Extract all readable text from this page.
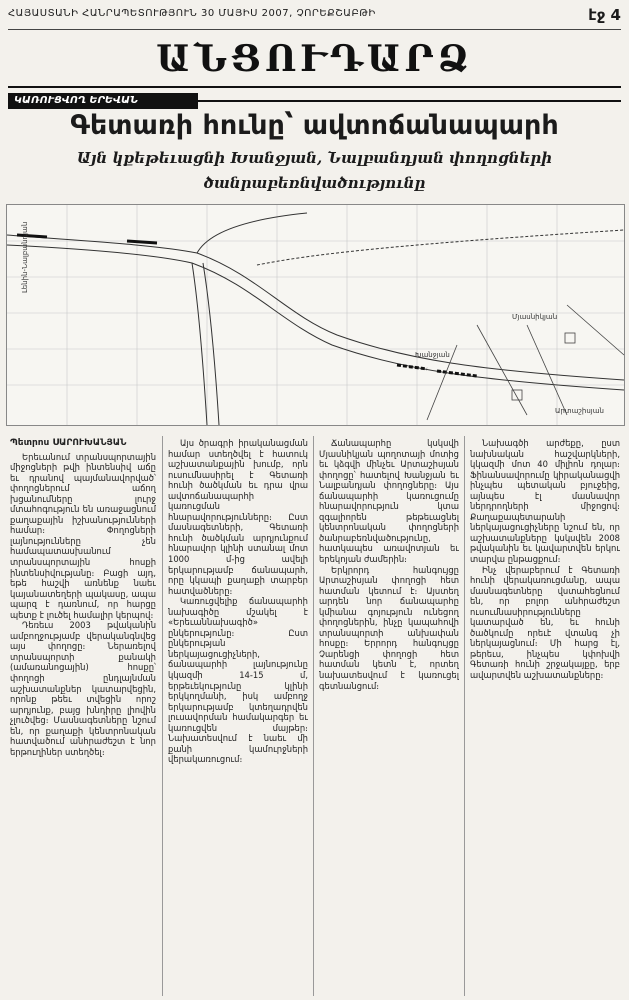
ՀԱՅԱՍՏԱՆԻ ՀԱՆՐԱՊԵՏՈՒԹՅՈՒՆ 30 ՄԱՅԻՍ 2007, ՉՈՐԵՔՇԱԲԹԻ	էջ 4
ԱՆՑՈՒԴԱՐՁ
ԿԱՌՈՒՑՎՈՂ ԵՐԵՎԱՆ
Գետառի հունը՝ ավտոճանապարհ
Այն կքեթեւացնի Խանջյան, Նալբանդյան փողոցների
ծանրաբեռնվածությունը
Լենին-Նալբանդյան
Խանջյան
Մյասնիկյան
Արտաշիսյան
Պետրոս ՍԱՐՈՒԽԱՆՅԱՆ

Երեւանում տրանսպորտային միջոցների թվի ինտենսիվ աճը եւ դրանով պայմանավորված՝ փողոցներում աճող խցանումները լուրջ մտահոգություն են առաջացնում քաղաքային իշխանությունների համար։ Փողոցների լայնությունները չեն համապատասխանում տրանսպորտային հոսքի ինտենսիվությանը։ Բացի այդ, եթե հաշվի առնենք նաեւ կայանատեղերի պակասը, ապա պարզ է դառնում, որ հարցը պետք է լուծել համալիր կերպով։

Դեռեւս 2003 թվականին ամբողջությամբ վերականգնվեց այս փողոցը։ Ներառելով տրանսպորտի քանակի (ամառանոցային) հոսքը՝ փողոցի ընդլայնման աշխատանքներ կատարվեցին, որոնք թեեւ տվեցին որոշ արդյունք, բայց խնդիրը լիովին չլուծվեց։ Մասնագետները նշում են, որ քաղաքի կենտրոնական հատվածում անհրաժեշտ է նոր երթուղիներ ստեղծել։

Այս ծրագրի իրականացման համար ստեղծվել է հատուկ աշխատանքային խումբ, որն ուսումնասիրել է Գետառի հունի ծածկման եւ դրա վրա ավտոճանապարհի կառուցման հնարավորությունները։ Ըստ մասնագետների, Գետառի հունի ծածկման արդյունքում հնարավոր կլինի ստանալ մոտ 1000 մ-ից ավելի երկարությամբ ճանապարհ, որը կկապի քաղաքի տարբեր հատվածները։

Կառուցվելիք ճանապարհի նախագիծը մշակել է «Երեւաննախագիծ» ընկերությունը։ Ըստ ընկերության ներկայացուցիչների, ճանապարհի լայնությունը կկազմի 14-15 մ, երթեւեկությունը կլինի երկկողմանի, իսկ ամբողջ երկարությամբ կտեղադրվեն լուսավորման համակարգեր եւ կառուցվեն մայթեր։ Նախատեսվում է նաեւ մի քանի կամուրջների վերակառուցում։

Ճանապարհը կսկսվի Մյասնիկյան պողոտայի մոտից եւ կձգվի մինչեւ Արտաշիսյան փողոցը՝ հատելով Խանջյան եւ Նալբանդյան փողոցները։ Այս ճանապարհի կառուցումը հնարավորություն կտա զգալիորեն թեթեւացնել կենտրոնական փողոցների ծանրաբեռնվածությունը, հատկապես առավոտյան եւ երեկոյան ժամերին։

Երկրորդ հանգույցը Արտաշիսյան փողոցի հետ հատման կետում է։ Այստեղ արդեն նոր ճանապարհը կմիանա գոյություն ունեցող փողոցներին, ինչը կապահովի տրանսպորտի անխափան հոսքը։ Երրորդ հանգույցը Չարենցի փողոցի հետ հատման կետն է, որտեղ նախատեսվում է կառուցել գետնանցում։

Նախագծի արժեքը, ըստ նախնական հաշվարկների, կկազմի մոտ 40 միլիոն դոլար։ Ֆինանսավորումը կիրականացվի ինչպես պետական բյուջեից, այնպես էլ մասնավոր ներդրողների միջոցով։ Քաղաքապետարանի ներկայացուցիչները նշում են, որ աշխատանքները կսկսվեն 2008 թվականին եւ կավարտվեն երկու տարվա ընթացքում։

Ինչ վերաբերում է Գետառի հունի վերակառուցմանը, ապա մասնագետները վստահեցնում են, որ բոլոր անհրաժեշտ ուսումնասիրությունները կատարված են, եւ հունի ծածկումը որեւէ վտանգ չի ներկայացնում։ Մի հարց էլ, թերեւս, ինչպես կփոխվի Գետառի հունի շրջակայքը, երբ ավարտվեն աշխատանքները։
